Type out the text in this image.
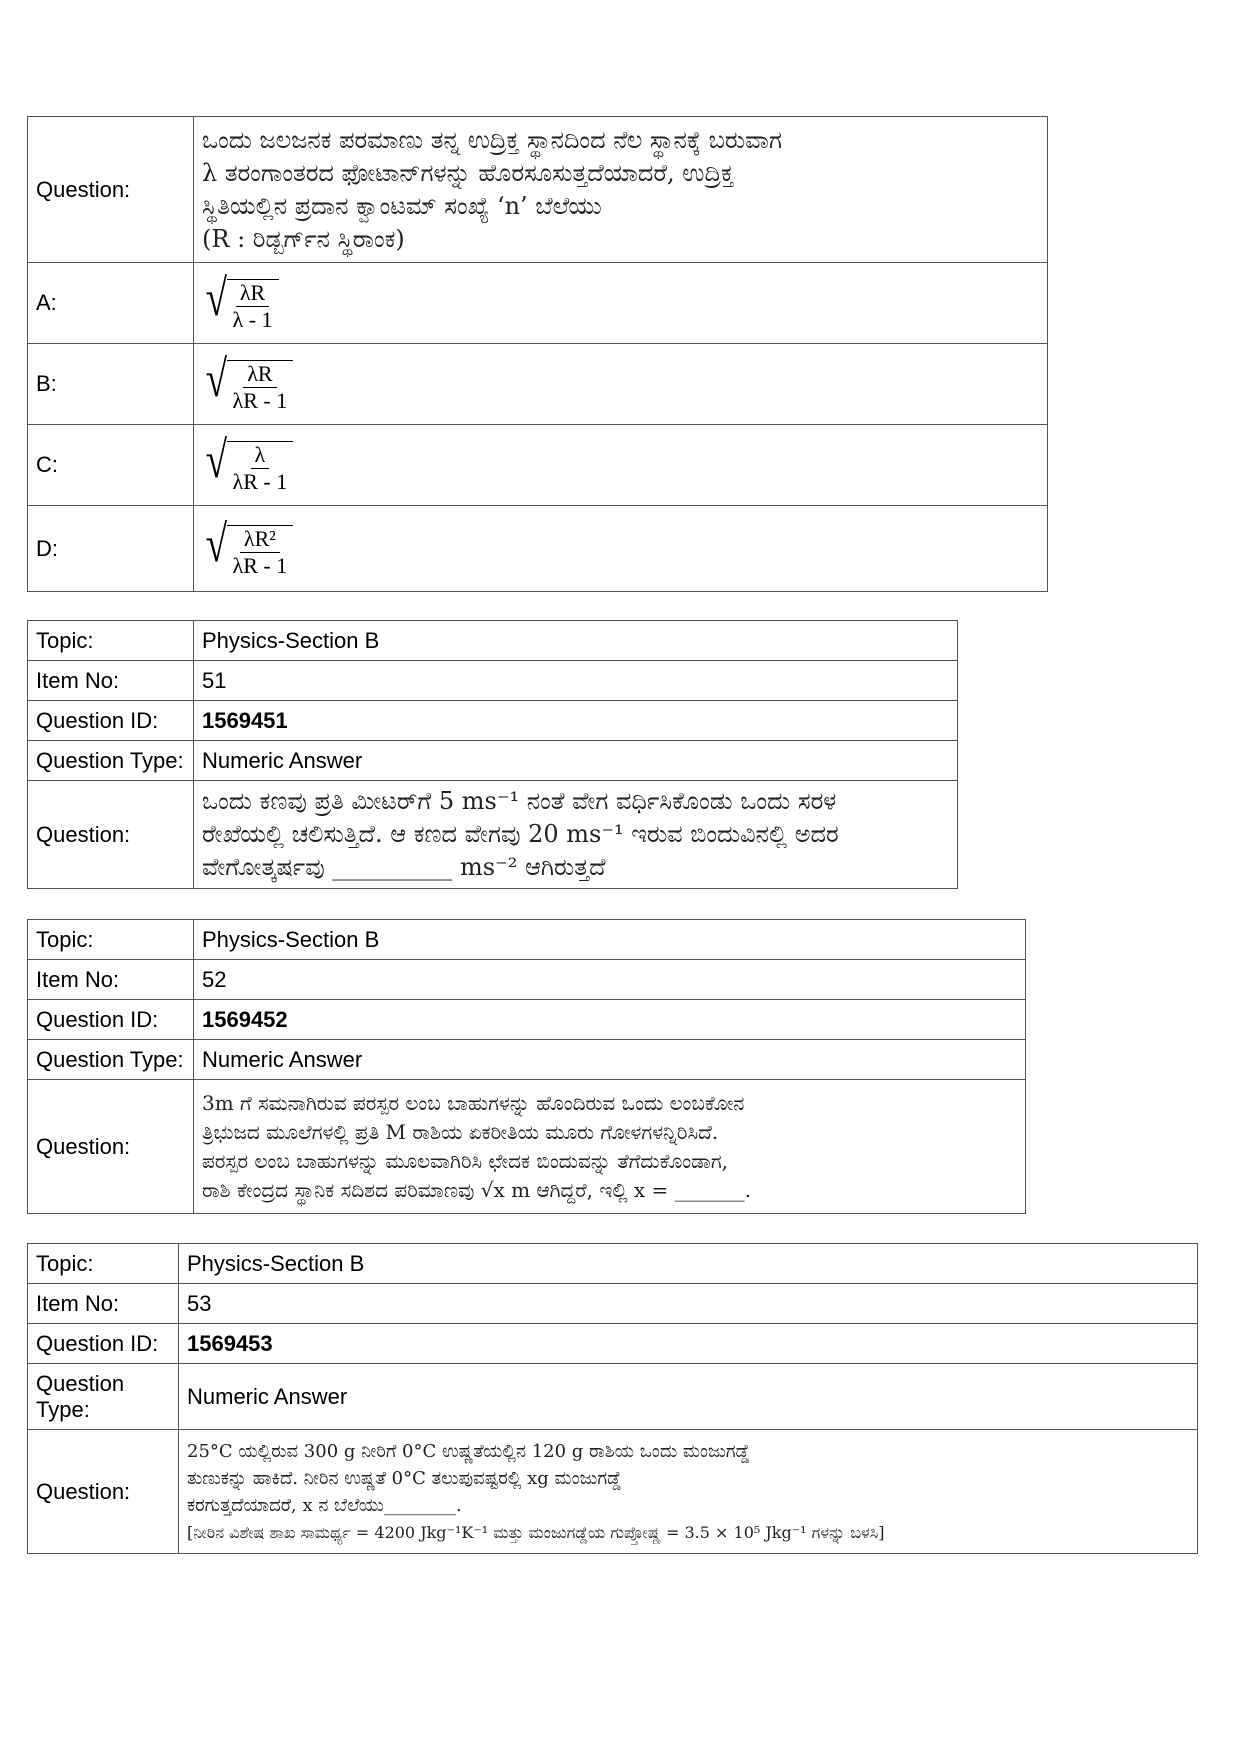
Question:	ಒಂದು ಜಲಜನಕ ಪರಮಾಣು ತನ್ನ ಉದ್ರಿಕ್ತ ಸ್ಥಾನದಿಂದ ನೆಲ ಸ್ಥಾನಕ್ಕೆ ಬರುವಾಗ
λ ತರಂಗಾಂತರದ ಫೋಟಾನ್‌ಗಳನ್ನು ಹೊರಸೂಸುತ್ತದೆಯಾದರೆ, ಉದ್ರಿಕ್ತ
ಸ್ಥಿತಿಯಲ್ಲಿನ ಪ್ರದಾನ ಕ್ವಾಂಟಮ್ ಸಂಖ್ಯೆ ‘n’ ಬೆಲೆಯು
(R : ರಿಡ್ಬರ್ಗ್‌ನ ಸ್ಥಿರಾಂಕ)

A:	√ $\frac{\lambda R}{\lambda - 1}$

B:	√ $\frac{\lambda R}{\lambda R - 1}$

C:	√ $\frac{\lambda}{\lambda R - 1}$

D:	√ $\frac{\text{λR²}}{\lambda R - 1}$
Topic:	Physics-Section B
Item No:	51
Question ID:	1569451
Question Type:	Numeric Answer
Question:	ಒಂದು ಕಣವು ಪ್ರತಿ ಮೀಟರ್‌ಗೆ 5 ms⁻¹ ನಂತೆ ವೇಗ ವರ್ಧಿಸಿಕೊಂಡು ಒಂದು ಸರಳ
ರೇಖೆಯಲ್ಲಿ ಚಲಿಸುತ್ತಿದೆ. ಆ ಕಣದ ವೇಗವು 20 ms⁻¹ ಇರುವ ಬಿಂದುವಿನಲ್ಲಿ ಅದರ
ವೇಗೋತ್ಕರ್ಷವು __________ ms⁻² ಆಗಿರುತ್ತದೆ
Topic:	Physics-Section B
Item No:	52
Question ID:	1569452
Question Type:	Numeric Answer
Question:	3m ಗೆ ಸಮನಾಗಿರುವ ಪರಸ್ಪರ ಲಂಬ ಬಾಹುಗಳನ್ನು ಹೊಂದಿರುವ ಒಂದು ಲಂಬಕೋನ
ತ್ರಿಭುಜದ ಮೂಲೆಗಳಲ್ಲಿ ಪ್ರತಿ M ರಾಶಿಯ ಏಕರೀತಿಯ ಮೂರು ಗೋಳಗಳನ್ನಿರಿಸಿದೆ.
ಪರಸ್ಪರ ಲಂಬ ಬಾಹುಗಳನ್ನು ಮೂಲವಾಗಿರಿಸಿ ಛೇದಕ ಬಿಂದುವನ್ನು ತೆಗೆದುಕೊಂಡಾಗ,
ರಾಶಿ ಕೇಂದ್ರದ ಸ್ಥಾನಿಕ ಸದಿಶದ ಪರಿಮಾಣವು √x m ಆಗಿದ್ದರೆ, ಇಲ್ಲಿ x = _______.
Topic:	Physics-Section B
Item No:	53
Question ID:	1569453
Question Type:	Numeric Answer
Question:	25°C ಯಲ್ಲಿರುವ 300 g ನೀರಿಗೆ 0°C ಉಷ್ಣತೆಯಲ್ಲಿನ 120 g ರಾಶಿಯ ಒಂದು ಮಂಜುಗಡ್ಡೆ
ತುಣುಕನ್ನು ಹಾಕಿದೆ. ನೀರಿನ ಉಷ್ಣತೆ 0°C ತಲುಪುವಷ್ಟರಲ್ಲಿ xg ಮಂಜುಗಡ್ಡೆ
ಕರಗುತ್ತದೆಯಾದರೆ, x ನ ಬೆಲೆಯು________.
[ನೀರಿನ ವಿಶೇಷ ಶಾಖ ಸಾಮರ್ಥ್ಯ = 4200 Jkg⁻¹K⁻¹ ಮತ್ತು ಮಂಜುಗಡ್ಡೆಯ ಗುಪ್ತೋಷ್ಣ = 3.5 × 10⁵ Jkg⁻¹ ಗಳನ್ನು ಬಳಸಿ]
